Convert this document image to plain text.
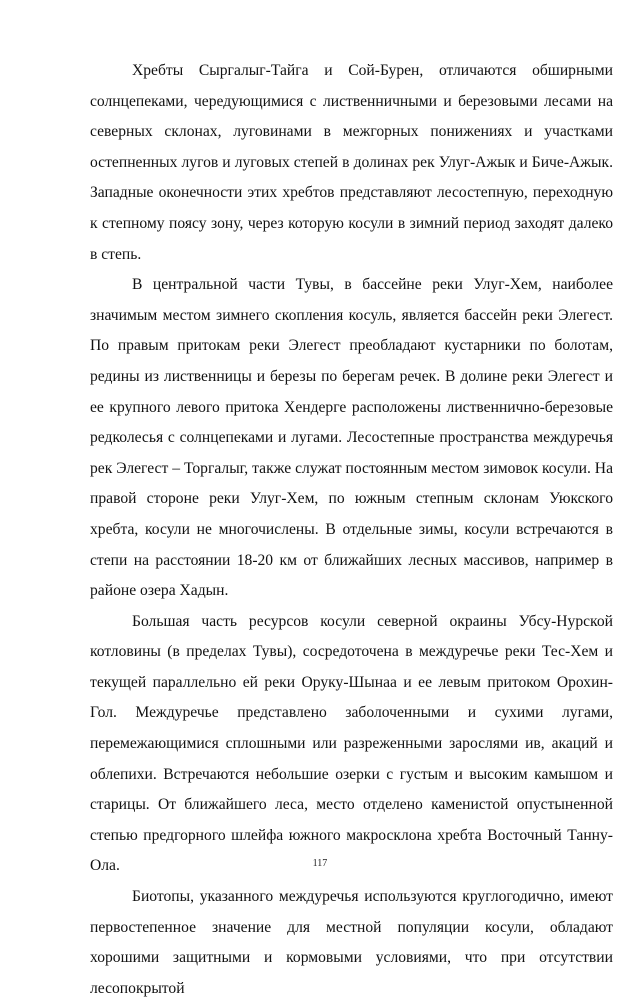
Хребты Сыргалыг-Тайга и Сой-Бурен, отличаются обширными солнцепеками, чередующимися с лиственничными и березовыми лесами на северных склонах, луговинами в межгорных понижениях и участками остепненных лугов и луговых степей в долинах рек Улуг-Ажык и Биче-Ажык. Западные оконечности этих хребтов представляют лесостепную, переходную к степному поясу зону, через которую косули в зимний период заходят далеко в степь.

В центральной части Тувы, в бассейне реки Улуг-Хем, наиболее значимым местом зимнего скопления косуль, является бассейн реки Элегест. По правым притокам реки Элегест преобладают кустарники по болотам, редины из лиственницы и березы по берегам речек. В долине реки Элегест и ее крупного левого притока Хендерге расположены лиственнично-березовые редколесья с солнцепеками и лугами. Лесостепные пространства междуречья рек Элегест – Торгалыг, также служат постоянным местом зимовок косули. На правой стороне реки Улуг-Хем, по южным степным склонам Уюкского хребта, косули не многочислены. В отдельные зимы, косули встречаются в степи на расстоянии 18-20 км от ближайших лесных массивов, например в районе озера Хадын.

Большая часть ресурсов косули северной окраины Убсу-Нурской котловины (в пределах Тувы), сосредоточена в междуречье реки Тес-Хем и текущей параллельно ей реки Оруку-Шынаа и ее левым притоком Орохин-Гол. Междуречье представлено заболоченными и сухими лугами, перемежающимися сплошными или разреженными зарослями ив, акаций и облепихи. Встречаются небольшие озерки с густым и высоким камышом и старицы. От ближайшего леса, место отделено каменистой опустыненной степью предгорного шлейфа южного макросклона хребта Восточный Танну-Ола.

Биотопы, указанного междуречья используются круглогодично, имеют первостепенное значение для местной популяции косули, обладают хорошими защитными и кормовыми условиями, что при отсутствии лесопокрытой

117
